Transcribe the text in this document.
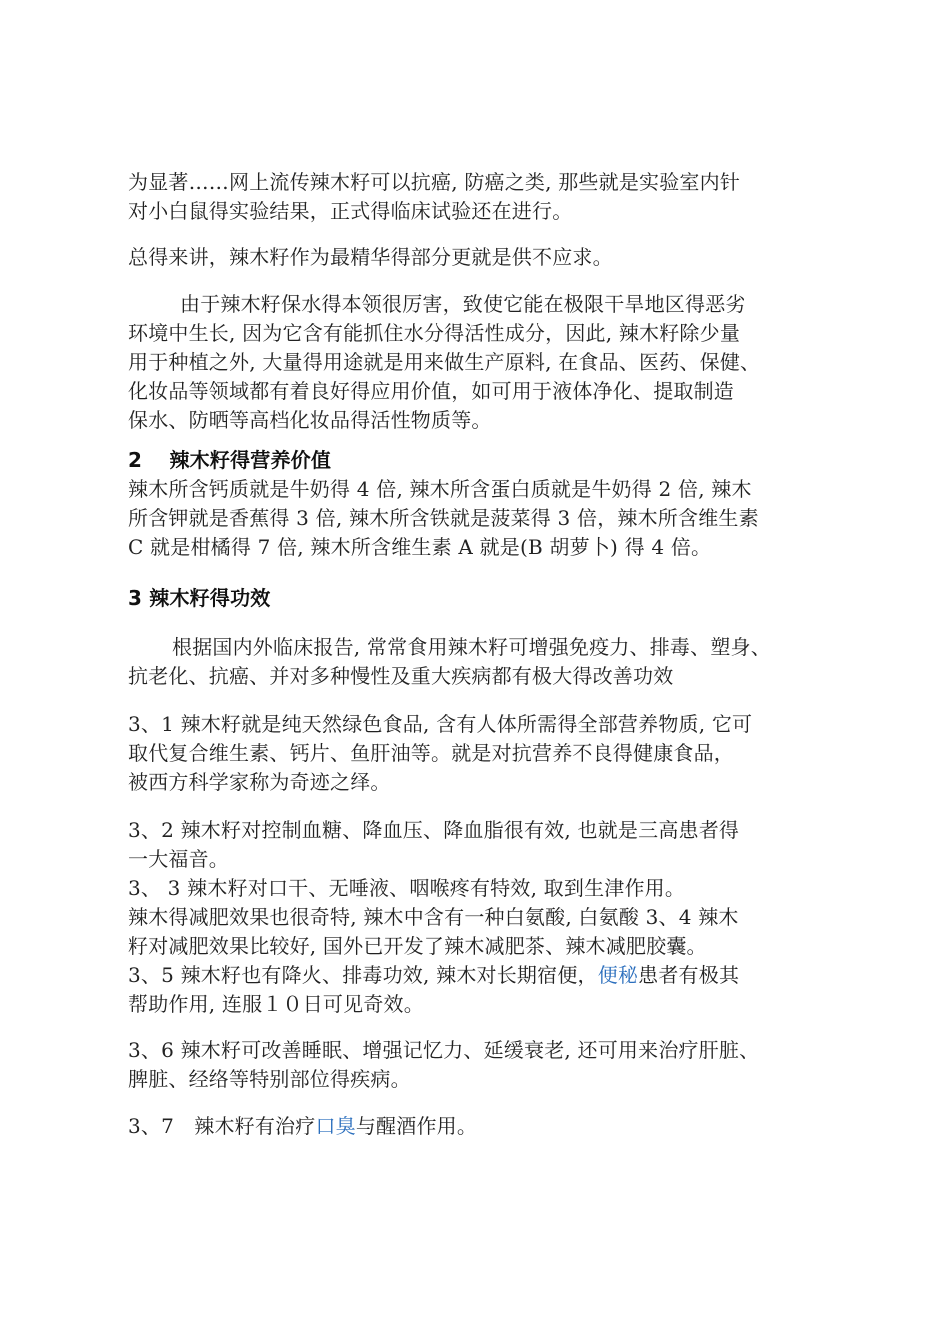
为显著……网上流传辣木籽可以抗癌, 防癌之类, 那些就是实验室内针
对小白鼠得实验结果，正式得临床试验还在进行。
总得来讲，辣木籽作为最精华得部分更就是供不应求。
由于辣木籽保水得本领很厉害，致使它能在极限干旱地区得恶劣
环境中生长, 因为它含有能抓住水分得活性成分，因此, 辣木籽除少量
用于种植之外, 大量得用途就是用来做生产原料, 在食品、医药、保健、
化妆品等领域都有着良好得应用价值，如可用于液体净化、提取制造
保水、防晒等高档化妆品得活性物质等。
2　 辣木籽得营养价值
辣木所含钙质就是牛奶得 4 倍, 辣木所含蛋白质就是牛奶得 2 倍, 辣木
所含钾就是香蕉得 3 倍, 辣木所含铁就是菠菜得 3 倍，辣木所含维生素
C 就是柑橘得 7 倍, 辣木所含维生素 A 就是(B 胡萝卜) 得 4 倍。
3 辣木籽得功效
根据国内外临床报告, 常常食用辣木籽可增强免疫力、排毒、塑身、
抗老化、抗癌、并对多种慢性及重大疾病都有极大得改善功效
3、1 辣木籽就是纯天然绿色食品, 含有人体所需得全部营养物质, 它可
取代复合维生素、钙片、鱼肝油等。就是对抗营养不良得健康食品，
被西方科学家称为奇迹之绎。
3、2 辣木籽对控制血糖、降血压、降血脂很有效, 也就是三高患者得
一大福音。
3、 3 辣木籽对口干、无唾液、咽喉疼有特效, 取到生津作用。
辣木得减肥效果也很奇特, 辣木中含有一种白氨酸, 白氨酸 3、4 辣木
籽对减肥效果比较好, 国外已开发了辣木减肥茶、辣木减肥胶囊。
3、5 辣木籽也有降火、排毒功效, 辣木对长期宿便，便秘患者有极其
帮助作用, 连服１０日可见奇效。
3、6 辣木籽可改善睡眠、增强记忆力、延缓衰老, 还可用来治疗肝脏、
脾脏、经络等特别部位得疾病。
3、7　辣木籽有治疗口臭与醒酒作用。
